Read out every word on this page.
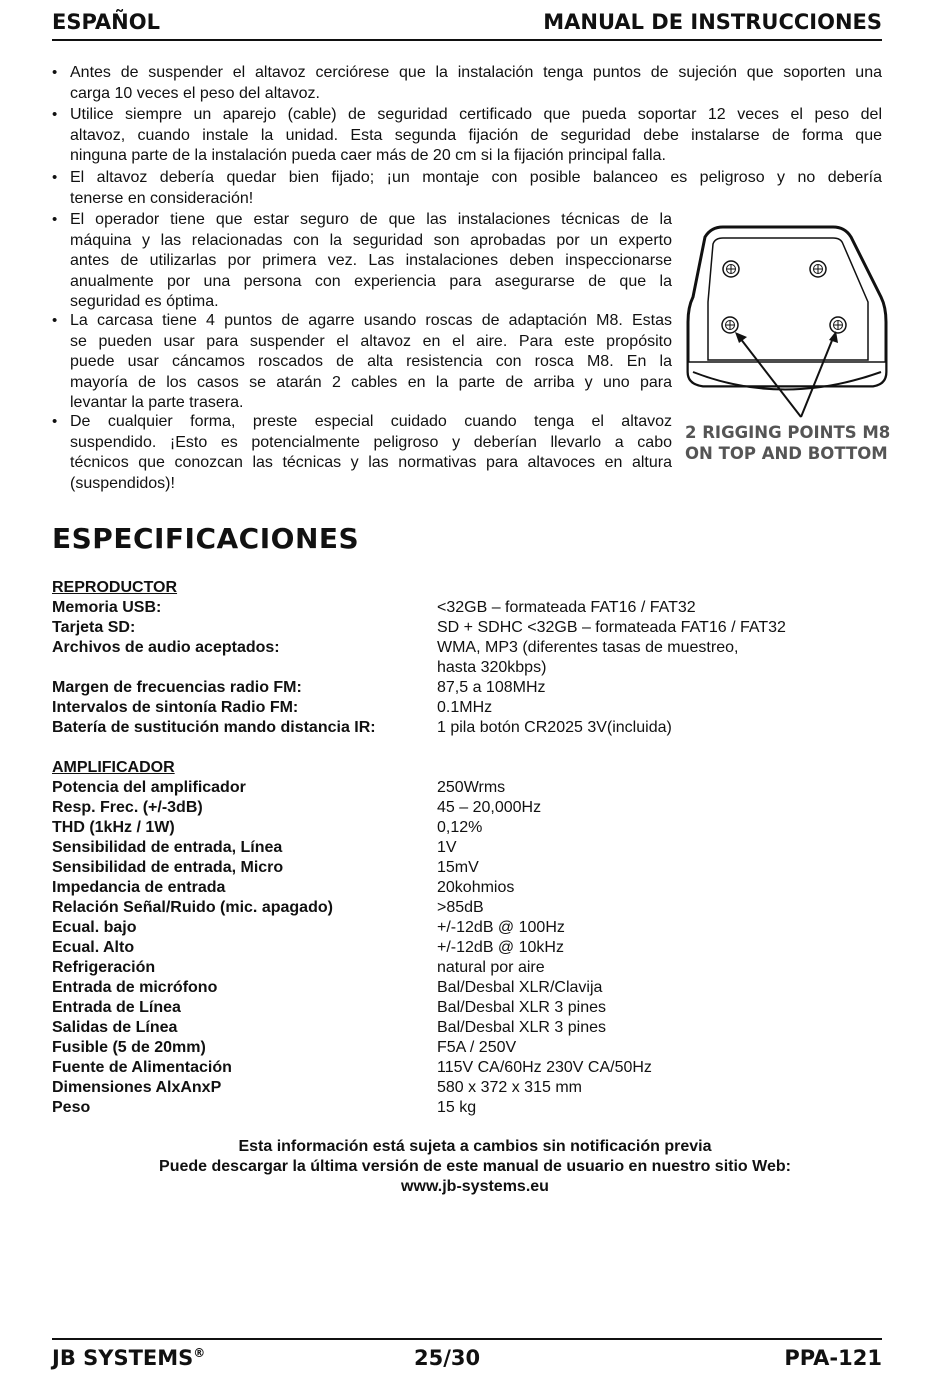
ESPAÑOL	MANUAL DE INSTRUCCIONES
• Antes de suspender el altavoz cerciórese que la instalación tenga puntos de sujeción que soporten una
carga 10 veces el peso del altavoz.
• Utilice siempre un aparejo (cable) de seguridad certificado que pueda soportar 12 veces el peso del
altavoz, cuando instale la unidad. Esta segunda fijación de seguridad debe instalarse de forma que
ninguna parte de la instalación pueda caer más de 20 cm si la fijación principal falla.
• El altavoz debería quedar bien fijado; ¡un montaje con posible balanceo es peligroso y no debería
tenerse en consideración!
• El operador tiene que estar seguro de que las instalaciones técnicas de la
máquina y las relacionadas con la seguridad son aprobadas por un experto
antes de utilizarlas por primera vez. Las instalaciones deben inspeccionarse
anualmente por una persona con experiencia para asegurarse de que la
seguridad es óptima.
• La carcasa tiene 4 puntos de agarre usando roscas de adaptación M8. Estas
se pueden usar para suspender el altavoz en el aire. Para este propósito
puede usar cáncamos roscados de alta resistencia con rosca M8. En la
mayoría de los casos se atarán 2 cables en la parte de arriba y uno para
levantar la parte trasera.
• De cualquier forma, preste especial cuidado cuando tenga el altavoz
suspendido. ¡Esto es potencialmente peligroso y deberían llevarlo a cabo
técnicos que conozcan las técnicas y las normativas para altavoces en altura
(suspendidos)!
2 RIGGING POINTS M8
ON TOP AND BOTTOM
ESPECIFICACIONES
REPRODUCTOR
Memoria USB:	<32GB – formateada FAT16 / FAT32
Tarjeta SD:	SD + SDHC <32GB – formateada FAT16 / FAT32
Archivos de audio aceptados:	WMA, MP3 (diferentes tasas de muestreo,
hasta 320kbps)
Margen de frecuencias radio FM:	87,5 a 108MHz
Intervalos de sintonía Radio FM:	0.1MHz
Batería de sustitución mando distancia IR:	1 pila botón CR2025 3V(incluida)
AMPLIFICADOR
Potencia del amplificador	250Wrms
Resp. Frec. (+/-3dB)	45 – 20,000Hz
THD (1kHz / 1W)	0,12%
Sensibilidad de entrada, Línea	1V
Sensibilidad de entrada, Micro	15mV
Impedancia de entrada	20kohmios
Relación Señal/Ruido (mic. apagado)	>85dB
Ecual. bajo	+/-12dB @ 100Hz
Ecual. Alto	+/-12dB @ 10kHz
Refrigeración	natural por aire
Entrada de micrófono	Bal/Desbal XLR/Clavija
Entrada de Línea	Bal/Desbal XLR 3 pines
Salidas de Línea	Bal/Desbal XLR 3 pines
Fusible (5 de 20mm)	F5A / 250V
Fuente de Alimentación	115V CA/60Hz 230V CA/50Hz
Dimensiones AlxAnxP	580 x 372 x 315 mm
Peso	15 kg
Esta información está sujeta a cambios sin notificación previa
Puede descargar la última versión de este manual de usuario en nuestro sitio Web:
www.jb-systems.eu
JB SYSTEMS®	25/30	PPA-121
